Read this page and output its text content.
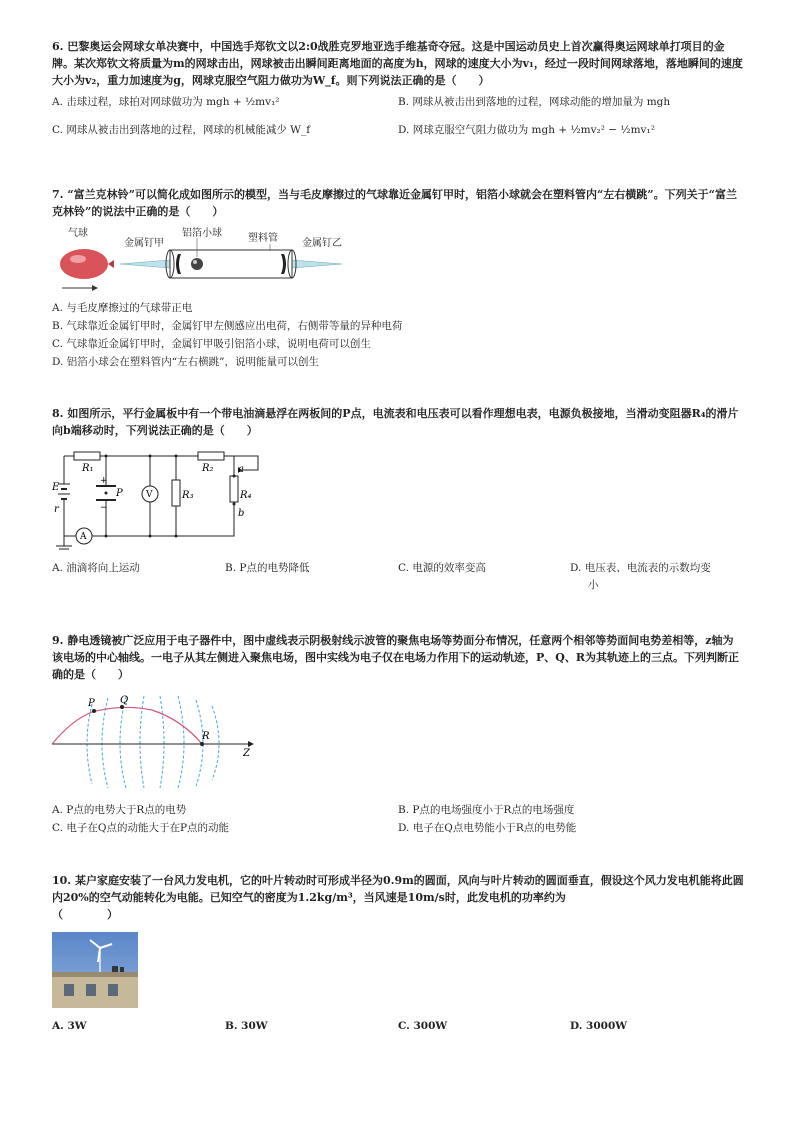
6. 巴黎奥运会网球女单决赛中，中国选手郑钦文以2:0战胜克罗地亚选手维基奇夺冠。这是中国运动员史上首次赢得奥运网球单打项目的金牌。某次郑钦文将质量为m的网球击出，网球被击出瞬间距离地面的高度为h，网球的速度大小为v₁，经过一段时间网球落地，落地瞬间的速度大小为v₂，重力加速度为g，网球克服空气阻力做功为W_f。则下列说法正确的是（　　）
A. 击球过程，球拍对网球做功为 mgh + ½mv₁²	B. 网球从被击出到落地的过程，网球动能的增加量为 mgh
C. 网球从被击出到落地的过程，网球的机械能减少 W_f	D. 网球克服空气阻力做功为 mgh + ½mv₂² − ½mv₁²
7. “富兰克林铃”可以简化成如图所示的模型，当与毛皮摩擦过的气球靠近金属钉甲时，铝箔小球就会在塑料管内“左右横跳”。下列关于“富兰克林铃”的说法中正确的是（　　）
气球
金属钉甲
铝箔小球	塑料管 金属钉乙
A. 与毛皮摩擦过的气球带正电
B. 气球靠近金属钉甲时，金属钉甲左侧感应出电荷，右侧带等量的异种电荷
C. 气球靠近金属钉甲时，金属钉甲吸引铝箔小球，说明电荷可以创生
D. 铝箔小球会在塑料管内“左右横跳”，说明能量可以创生
8. 如图所示，平行金属板中有一个带电油滴悬浮在两板间的P点，电流表和电压表可以看作理想电表，电源负极接地，当滑动变阻器R₄的滑片向b端移动时，下列说法正确的是（　　）
R₁	R₂
R₃	R₄
E
r
P	V
A
a
b
+
−
A. 油滴将向上运动	B. P点的电势降低	C. 电源的效率变高	D. 电压表、电流表的示数均变
小
9. 静电透镜被广泛应用于电子器件中，图中虚线表示阴极射线示波管的聚焦电场等势面分布情况，任意两个相邻等势面间电势差相等，z轴为该电场的中心轴线。一电子从其左侧进入聚焦电场，图中实线为电子仅在电场力作用下的运动轨迹，P、Q、R为其轨迹上的三点。下列判断正确的是（　　）
P	Q
R
Z
A. P点的电势大于R点的电势	B. P点的电场强度小于R点的电场强度
C. 电子在Q点的动能大于在P点的动能	D. 电子在Q点电势能小于R点的电势能
10. 某户家庭安装了一台风力发电机，它的叶片转动时可形成半径为0.9m的圆面，风向与叶片转动的圆面垂直，假设这个风力发电机能将此圆内20%的空气动能转化为电能。已知空气的密度为1.2kg/m³，当风速是10m/s时，此发电机的功率约为
（　　　　）
A. 3W	B. 30W	C. 300W	D. 3000W
